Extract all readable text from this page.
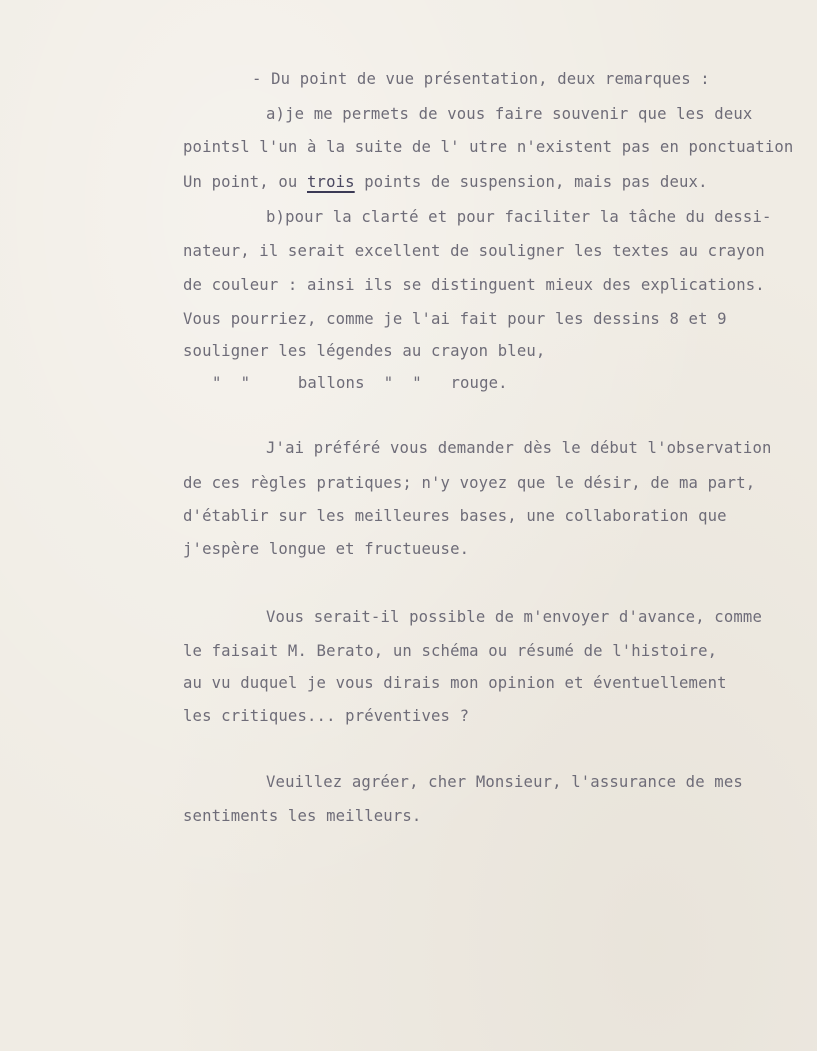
- Du point de vue présentation, deux remarques :
a)je me permets de vous faire souvenir que les deux
pointsl l'un à la suite de l' utre n'existent pas en ponctuation
Un point, ou trois points de suspension, mais pas deux.
b)pour la clarté et pour faciliter la tâche du dessi-
nateur, il serait excellent de souligner les textes au crayon
de couleur : ainsi ils se distinguent mieux des explications.
Vous pourriez, comme je l'ai fait pour les dessins 8 et 9
souligner les légendes au crayon bleu,
"  "     ballons  "  "   rouge.
J'ai préféré vous demander dès le début l'observation
de ces règles pratiques; n'y voyez que le désir, de ma part,
d'établir sur les meilleures bases, une collaboration que
j'espère longue et fructueuse.
Vous serait-il possible de m'envoyer d'avance, comme
le faisait M. Berato, un schéma ou résumé de l'histoire,
au vu duquel je vous dirais mon opinion et éventuellement
les critiques... préventives ?
Veuillez agréer, cher Monsieur, l'assurance de mes
sentiments les meilleurs.
